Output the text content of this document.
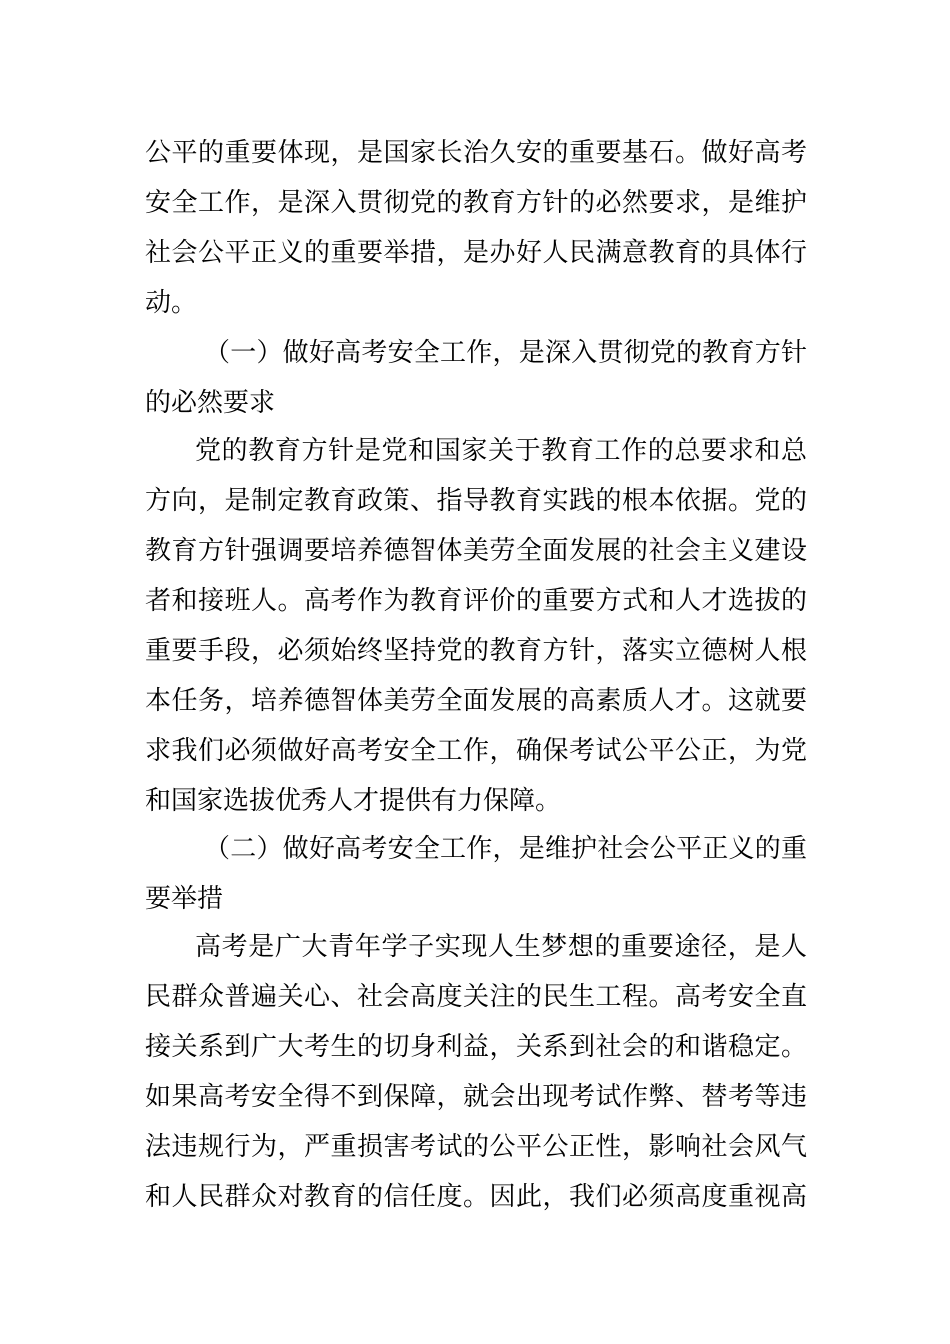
公平的重要体现，是国家长治久安的重要基石。做好高考
安全工作，是深入贯彻党的教育方针的必然要求，是维护
社会公平正义的重要举措，是办好人民满意教育的具体行
动。
（一）做好高考安全工作，是深入贯彻党的教育方针
的必然要求
党的教育方针是党和国家关于教育工作的总要求和总
方向，是制定教育政策、指导教育实践的根本依据。党的
教育方针强调要培养德智体美劳全面发展的社会主义建设
者和接班人。高考作为教育评价的重要方式和人才选拔的
重要手段，必须始终坚持党的教育方针，落实立德树人根
本任务，培养德智体美劳全面发展的高素质人才。这就要
求我们必须做好高考安全工作，确保考试公平公正，为党
和国家选拔优秀人才提供有力保障。
（二）做好高考安全工作，是维护社会公平正义的重
要举措
高考是广大青年学子实现人生梦想的重要途径，是人
民群众普遍关心、社会高度关注的民生工程。高考安全直
接关系到广大考生的切身利益，关系到社会的和谐稳定。
如果高考安全得不到保障，就会出现考试作弊、替考等违
法违规行为，严重损害考试的公平公正性，影响社会风气
和人民群众对教育的信任度。因此，我们必须高度重视高
